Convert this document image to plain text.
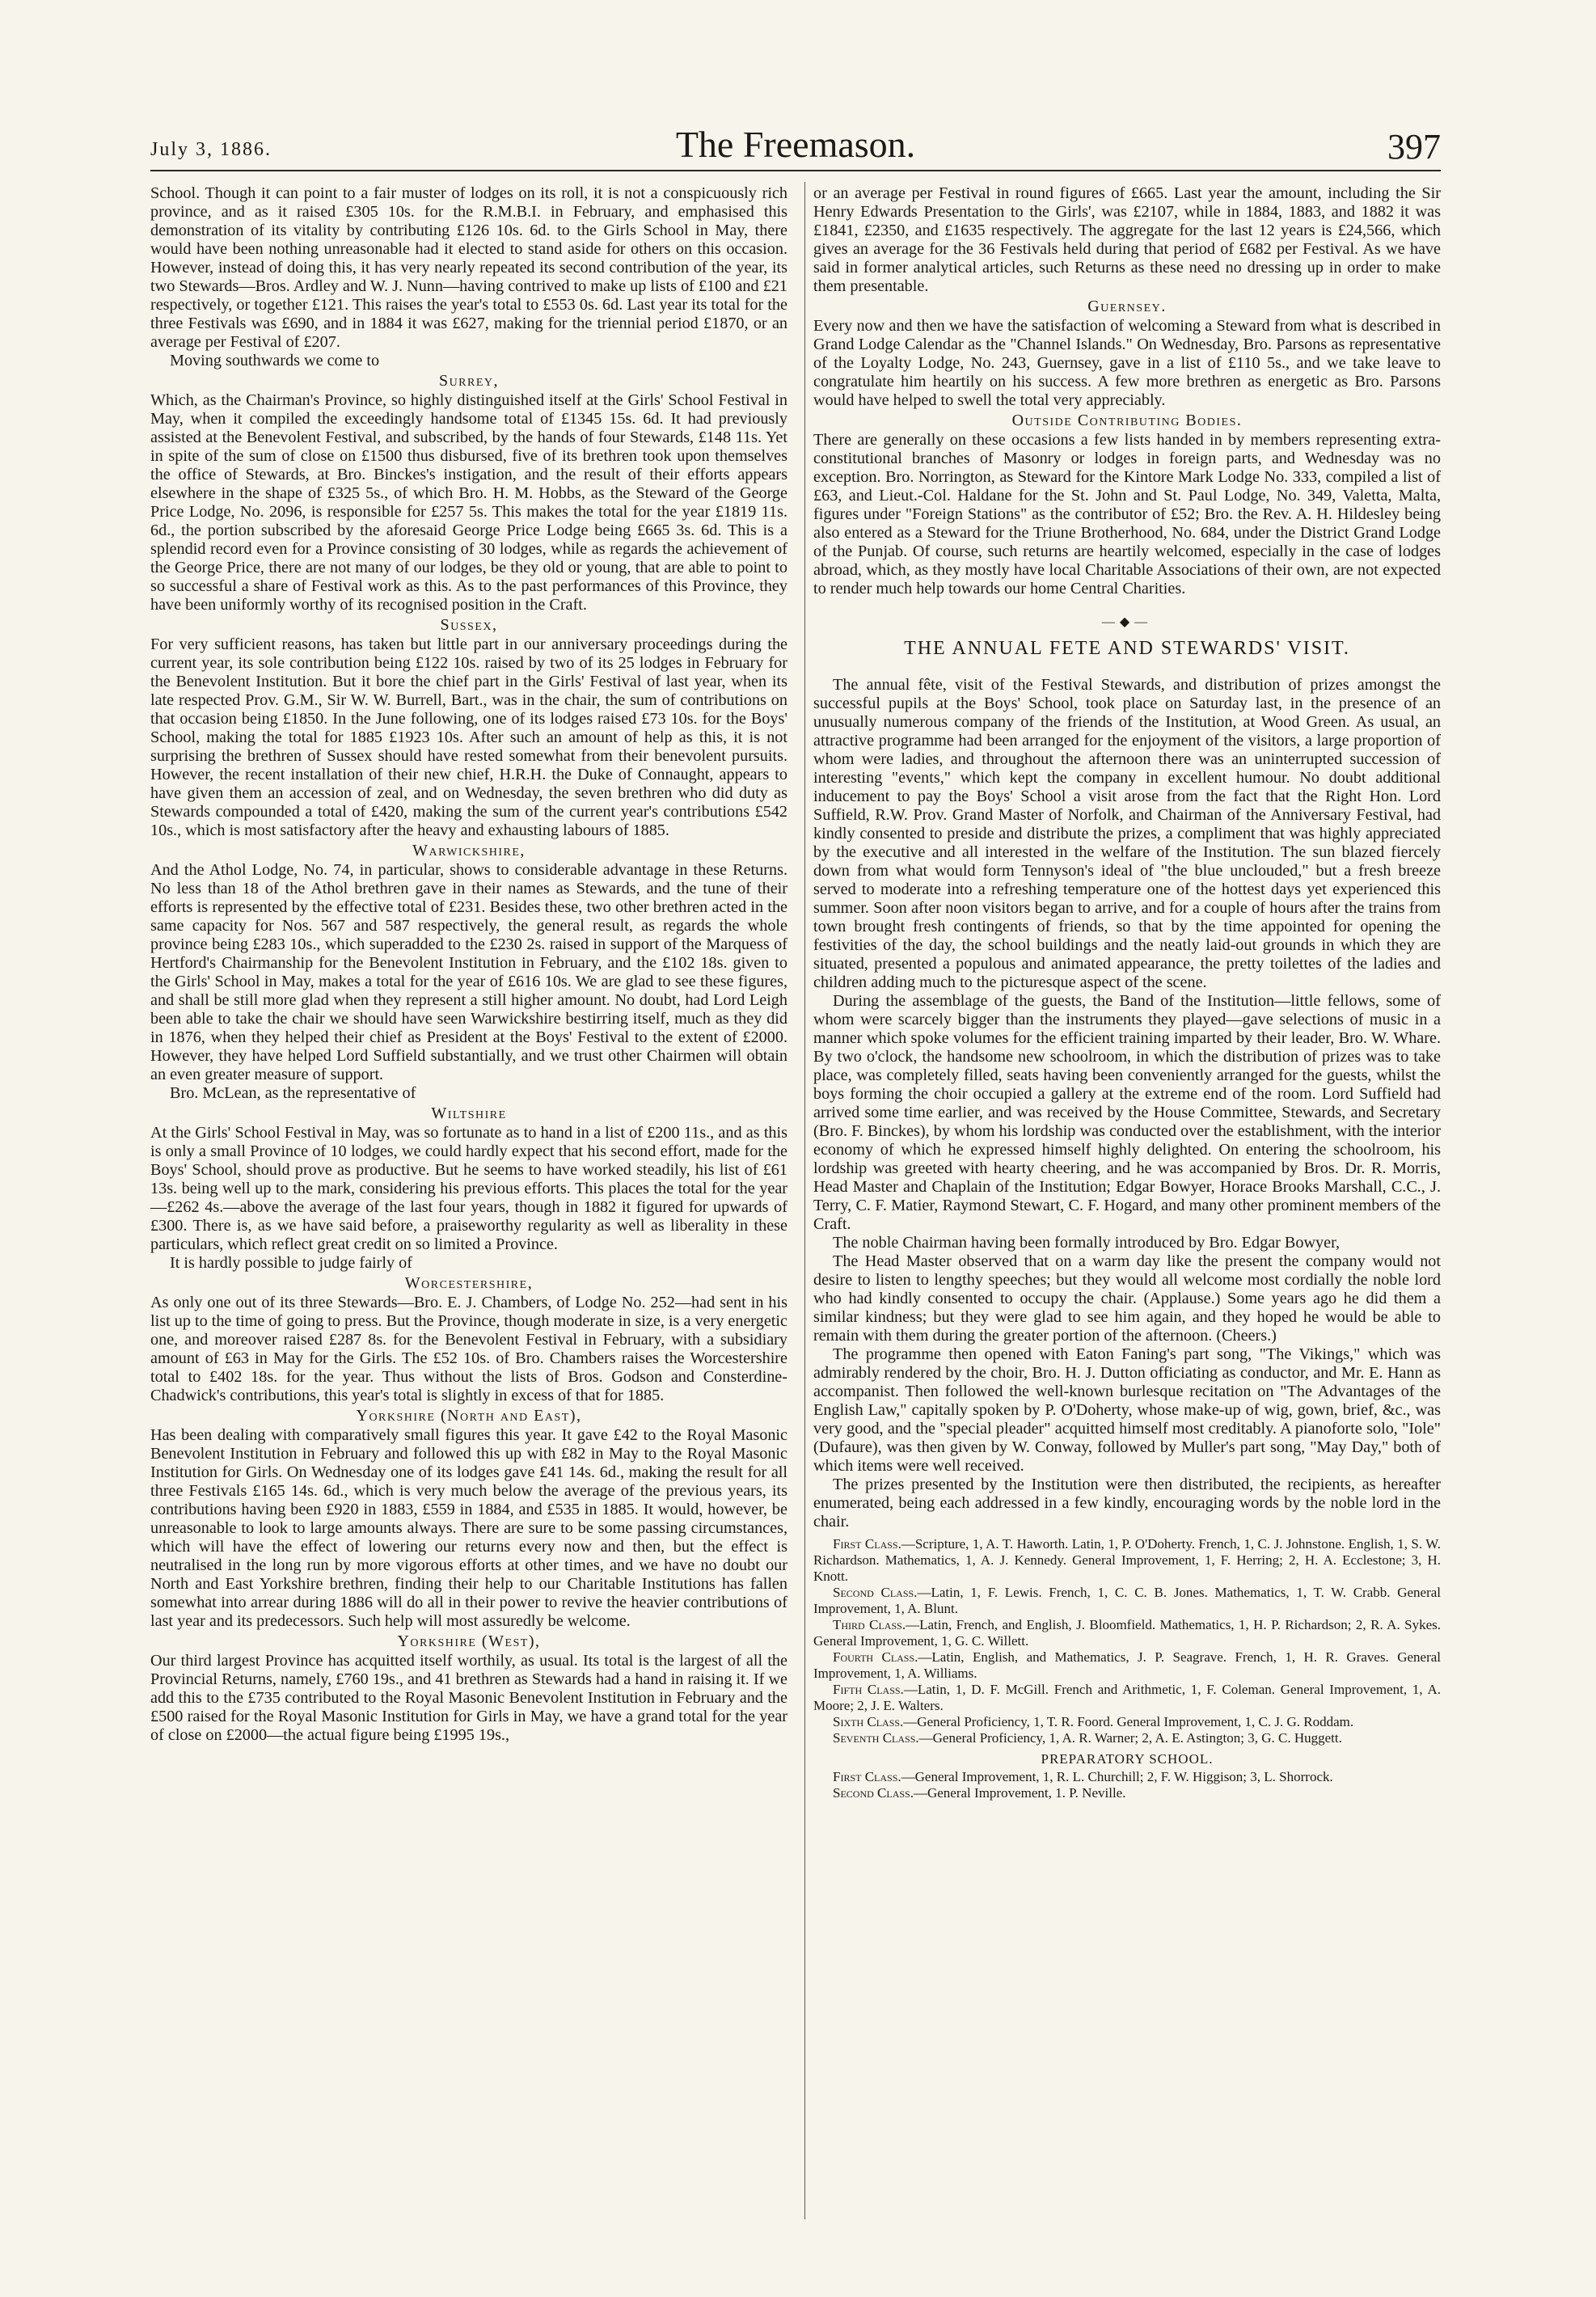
July 3, 1886.	The Freemason.	397

School. Though it can point to a fair muster of lodges on its roll, it is not a conspicuously rich province, and as it raised £305 10s. for the R.M.B.I. in February, and emphasised this demonstration of its vitality by contributing £126 10s. 6d. to the Girls School in May, there would have been nothing unreasonable had it elected to stand aside for others on this occasion. However, instead of doing this, it has very nearly repeated its second contribution of the year, its two Stewards—Bros. Ardley and W. J. Nunn—having contrived to make up lists of £100 and £21 respectively, or together £121. This raises the year's total to £553 0s. 6d. Last year its total for the three Festivals was £690, and in 1884 it was £627, making for the triennial period £1870, or an average per Festival of £207.

Moving southwards we come to

Surrey,

Which, as the Chairman's Province, so highly distinguished itself at the Girls' School Festival in May, when it compiled the exceedingly handsome total of £1345 15s. 6d. It had previously assisted at the Benevolent Festival, and subscribed, by the hands of four Stewards, £148 11s. Yet in spite of the sum of close on £1500 thus disbursed, five of its brethren took upon themselves the office of Stewards, at Bro. Binckes's instigation, and the result of their efforts appears elsewhere in the shape of £325 5s., of which Bro. H. M. Hobbs, as the Steward of the George Price Lodge, No. 2096, is responsible for £257 5s. This makes the total for the year £1819 11s. 6d., the portion subscribed by the aforesaid George Price Lodge being £665 3s. 6d. This is a splendid record even for a Province consisting of 30 lodges, while as regards the achievement of the George Price, there are not many of our lodges, be they old or young, that are able to point to so successful a share of Festival work as this. As to the past performances of this Province, they have been uniformly worthy of its recognised position in the Craft.

Sussex,

For very sufficient reasons, has taken but little part in our anniversary proceedings during the current year, its sole contribution being £122 10s. raised by two of its 25 lodges in February for the Benevolent Institution. But it bore the chief part in the Girls' Festival of last year, when its late respected Prov. G.M., Sir W. W. Burrell, Bart., was in the chair, the sum of contributions on that occasion being £1850. In the June following, one of its lodges raised £73 10s. for the Boys' School, making the total for 1885 £1923 10s. After such an amount of help as this, it is not surprising the brethren of Sussex should have rested somewhat from their benevolent pursuits. However, the recent installation of their new chief, H.R.H. the Duke of Connaught, appears to have given them an accession of zeal, and on Wednesday, the seven brethren who did duty as Stewards compounded a total of £420, making the sum of the current year's contributions £542 10s., which is most satisfactory after the heavy and exhausting labours of 1885.

Warwickshire,

And the Athol Lodge, No. 74, in particular, shows to considerable advantage in these Returns. No less than 18 of the Athol brethren gave in their names as Stewards, and the tune of their efforts is represented by the effective total of £231. Besides these, two other brethren acted in the same capacity for Nos. 567 and 587 respectively, the general result, as regards the whole province being £283 10s., which superadded to the £230 2s. raised in support of the Marquess of Hertford's Chairmanship for the Benevolent Institution in February, and the £102 18s. given to the Girls' School in May, makes a total for the year of £616 10s. We are glad to see these figures, and shall be still more glad when they represent a still higher amount. No doubt, had Lord Leigh been able to take the chair we should have seen Warwickshire bestirring itself, much as they did in 1876, when they helped their chief as President at the Boys' Festival to the extent of £2000. However, they have helped Lord Suffield substantially, and we trust other Chairmen will obtain an even greater measure of support.

Bro. McLean, as the representative of

Wiltshire

At the Girls' School Festival in May, was so fortunate as to hand in a list of £200 11s., and as this is only a small Province of 10 lodges, we could hardly expect that his second effort, made for the Boys' School, should prove as productive. But he seems to have worked steadily, his list of £61 13s. being well up to the mark, considering his previous efforts. This places the total for the year—£262 4s.—above the average of the last four years, though in 1882 it figured for upwards of £300. There is, as we have said before, a praiseworthy regularity as well as liberality in these particulars, which reflect great credit on so limited a Province.

It is hardly possible to judge fairly of

Worcestershire,

As only one out of its three Stewards—Bro. E. J. Chambers, of Lodge No. 252—had sent in his list up to the time of going to press. But the Province, though moderate in size, is a very energetic one, and moreover raised £287 8s. for the Benevolent Festival in February, with a subsidiary amount of £63 in May for the Girls. The £52 10s. of Bro. Chambers raises the Worcestershire total to £402 18s. for the year. Thus without the lists of Bros. Godson and Consterdine-Chadwick's contributions, this year's total is slightly in excess of that for 1885.

Yorkshire (North and East),

Has been dealing with comparatively small figures this year. It gave £42 to the Royal Masonic Benevolent Institution in February and followed this up with £82 in May to the Royal Masonic Institution for Girls. On Wednesday one of its lodges gave £41 14s. 6d., making the result for all three Festivals £165 14s. 6d., which is very much below the average of the previous years, its contributions having been £920 in 1883, £559 in 1884, and £535 in 1885. It would, however, be unreasonable to look to large amounts always. There are sure to be some passing circumstances, which will have the effect of lowering our returns every now and then, but the effect is neutralised in the long run by more vigorous efforts at other times, and we have no doubt our North and East Yorkshire brethren, finding their help to our Charitable Institutions has fallen somewhat into arrear during 1886 will do all in their power to revive the heavier contributions of last year and its predecessors. Such help will most assuredly be welcome.

Yorkshire (West),

Our third largest Province has acquitted itself worthily, as usual. Its total is the largest of all the Provincial Returns, namely, £760 19s., and 41 brethren as Stewards had a hand in raising it. If we add this to the £735 contributed to the Royal Masonic Benevolent Institution in February and the £500 raised for the Royal Masonic Institution for Girls in May, we have a grand total for the year of close on £2000—the actual figure being £1995 19s.,

or an average per Festival in round figures of £665. Last year the amount, including the Sir Henry Edwards Presentation to the Girls', was £2107, while in 1884, 1883, and 1882 it was £1841, £2350, and £1635 respectively. The aggregate for the last 12 years is £24,566, which gives an average for the 36 Festivals held during that period of £682 per Festival. As we have said in former analytical articles, such Returns as these need no dressing up in order to make them presentable.

Guernsey.

Every now and then we have the satisfaction of welcoming a Steward from what is described in Grand Lodge Calendar as the "Channel Islands." On Wednesday, Bro. Parsons as representative of the Loyalty Lodge, No. 243, Guernsey, gave in a list of £110 5s., and we take leave to congratulate him heartily on his success. A few more brethren as energetic as Bro. Parsons would have helped to swell the total very appreciably.

Outside Contributing Bodies.

There are generally on these occasions a few lists handed in by members representing extra-constitutional branches of Masonry or lodges in foreign parts, and Wednesday was no exception. Bro. Norrington, as Steward for the Kintore Mark Lodge No. 333, compiled a list of £63, and Lieut.-Col. Haldane for the St. John and St. Paul Lodge, No. 349, Valetta, Malta, figures under "Foreign Stations" as the contributor of £52; Bro. the Rev. A. H. Hildesley being also entered as a Steward for the Triune Brotherhood, No. 684, under the District Grand Lodge of the Punjab. Of course, such returns are heartily welcomed, especially in the case of lodges abroad, which, as they mostly have local Charitable Associations of their own, are not expected to render much help towards our home Central Charities.

—◆—
THE ANNUAL FETE AND STEWARDS' VISIT.

The annual fête, visit of the Festival Stewards, and distribution of prizes amongst the successful pupils at the Boys' School, took place on Saturday last, in the presence of an unusually numerous company of the friends of the Institution, at Wood Green. As usual, an attractive programme had been arranged for the enjoyment of the visitors, a large proportion of whom were ladies, and throughout the afternoon there was an uninterrupted succession of interesting "events," which kept the company in excellent humour. No doubt additional inducement to pay the Boys' School a visit arose from the fact that the Right Hon. Lord Suffield, R.W. Prov. Grand Master of Norfolk, and Chairman of the Anniversary Festival, had kindly consented to preside and distribute the prizes, a compliment that was highly appreciated by the executive and all interested in the welfare of the Institution. The sun blazed fiercely down from what would form Tennyson's ideal of "the blue unclouded," but a fresh breeze served to moderate into a refreshing temperature one of the hottest days yet experienced this summer. Soon after noon visitors began to arrive, and for a couple of hours after the trains from town brought fresh contingents of friends, so that by the time appointed for opening the festivities of the day, the school buildings and the neatly laid-out grounds in which they are situated, presented a populous and animated appearance, the pretty toilettes of the ladies and children adding much to the picturesque aspect of the scene.

During the assemblage of the guests, the Band of the Institution—little fellows, some of whom were scarcely bigger than the instruments they played—gave selections of music in a manner which spoke volumes for the efficient training imparted by their leader, Bro. W. Whare. By two o'clock, the handsome new schoolroom, in which the distribution of prizes was to take place, was completely filled, seats having been conveniently arranged for the guests, whilst the boys forming the choir occupied a gallery at the extreme end of the room. Lord Suffield had arrived some time earlier, and was received by the House Committee, Stewards, and Secretary (Bro. F. Binckes), by whom his lordship was conducted over the establishment, with the interior economy of which he expressed himself highly delighted. On entering the schoolroom, his lordship was greeted with hearty cheering, and he was accompanied by Bros. Dr. R. Morris, Head Master and Chaplain of the Institution; Edgar Bowyer, Horace Brooks Marshall, C.C., J. Terry, C. F. Matier, Raymond Stewart, C. F. Hogard, and many other prominent members of the Craft.

The noble Chairman having been formally introduced by Bro. Edgar Bowyer,

The Head Master observed that on a warm day like the present the company would not desire to listen to lengthy speeches; but they would all welcome most cordially the noble lord who had kindly consented to occupy the chair. (Applause.) Some years ago he did them a similar kindness; but they were glad to see him again, and they hoped he would be able to remain with them during the greater portion of the afternoon. (Cheers.)

The programme then opened with Eaton Faning's part song, "The Vikings," which was admirably rendered by the choir, Bro. H. J. Dutton officiating as conductor, and Mr. E. Hann as accompanist. Then followed the well-known burlesque recitation on "The Advantages of the English Law," capitally spoken by P. O'Doherty, whose make-up of wig, gown, brief, &c., was very good, and the "special pleader" acquitted himself most creditably. A pianoforte solo, "Iole" (Dufaure), was then given by W. Conway, followed by Muller's part song, "May Day," both of which items were well received.

The prizes presented by the Institution were then distributed, the recipients, as hereafter enumerated, being each addressed in a few kindly, encouraging words by the noble lord in the chair.

First Class.—Scripture, 1, A. T. Haworth. Latin, 1, P. O'Doherty. French, 1, C. J. Johnstone. English, 1, S. W. Richardson. Mathematics, 1, A. J. Kennedy. General Improvement, 1, F. Herring; 2, H. A. Ecclestone; 3, H. Knott.

Second Class.—Latin, 1, F. Lewis. French, 1, C. C. B. Jones. Mathematics, 1, T. W. Crabb. General Improvement, 1, A. Blunt.

Third Class.—Latin, French, and English, J. Bloomfield. Mathematics, 1, H. P. Richardson; 2, R. A. Sykes. General Improvement, 1, G. C. Willett.

Fourth Class.—Latin, English, and Mathematics, J. P. Seagrave. French, 1, H. R. Graves. General Improvement, 1, A. Williams.

Fifth Class.—Latin, 1, D. F. McGill. French and Arithmetic, 1, F. Coleman. General Improvement, 1, A. Moore; 2, J. E. Walters.

Sixth Class.—General Proficiency, 1, T. R. Foord. General Improvement, 1, C. J. G. Roddam.

Seventh Class.—General Proficiency, 1, A. R. Warner; 2, A. E. Astington; 3, G. C. Huggett.

PREPARATORY SCHOOL.

First Class.—General Improvement, 1, R. L. Churchill; 2, F. W. Higgison; 3, L. Shorrock.

Second Class.—General Improvement, 1. P. Neville.
